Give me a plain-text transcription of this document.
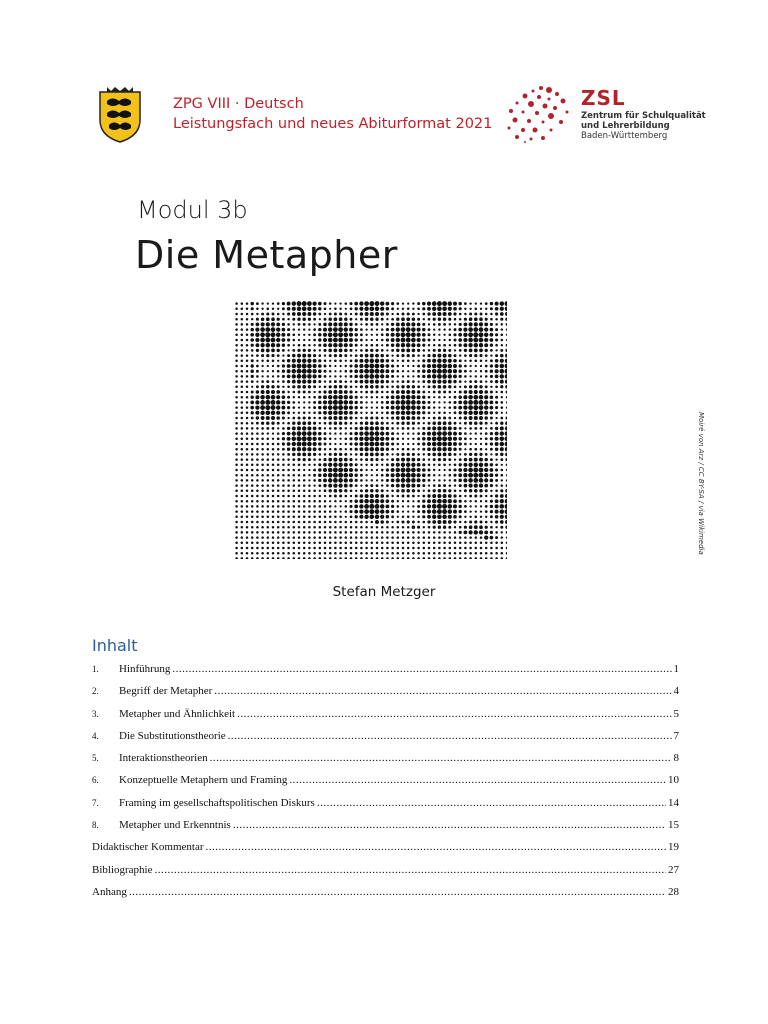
ZPG VIII · Deutsch
Leistungsfach und neues Abiturformat 2021
ZSL
Zentrum für Schulqualität
und Lehrerbildung
Baden-Württemberg
Modul 3b
Die Metapher
Moiré von Arz / CC BY-SA / via Wikimedia
Stefan Metzger
Inhalt
1.	Hinführung .....	1
2.	Begriff der Metapher .....	4
3.	Metapher und Ähnlichkeit .....	5
4.	Die Substitutionstheorie .....	7
5.	Interaktionstheorien .....	8
6.	Konzeptuelle Metaphern und Framing .....	10
7.	Framing im gesellschaftspolitischen Diskurs .....	14
8.	Metapher und Erkenntnis .....	15
Didaktischer Kommentar .....	19
Bibliographie .....	27
Anhang .....	28
